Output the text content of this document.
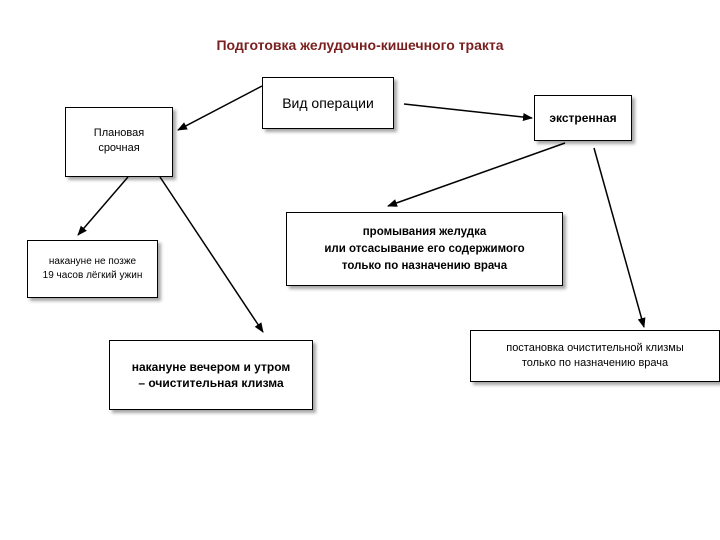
Подготовка желудочно-кишечного тракта
Вид операции
экстренная
Плановая
срочная
накануне не позже
19 часов лёгкий ужин
промывания желудка
или отсасывание его содержимого
только по назначению врача
накануне вечером и утром
– очистительная клизма
постановка очистительной клизмы
только по назначению врача
